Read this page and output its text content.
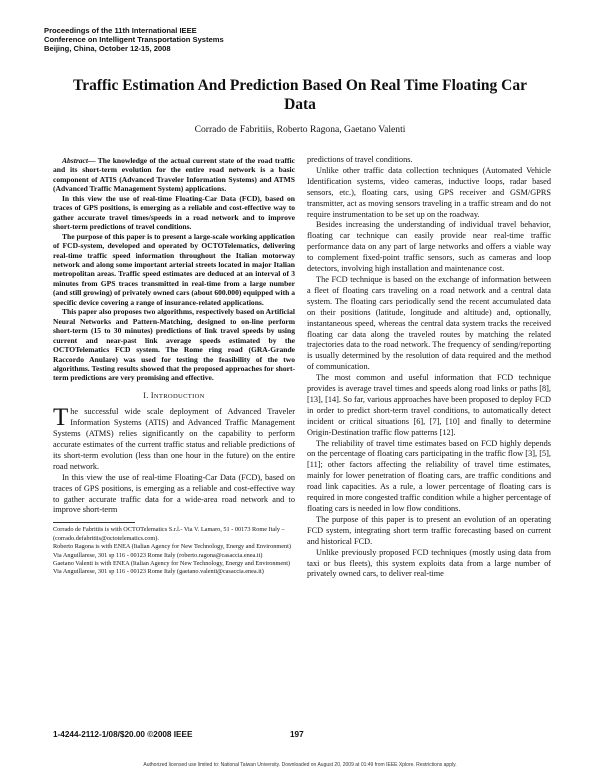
Proceedings of the 11th International IEEE
Conference on Intelligent Transportation Systems
Beijing, China, October 12-15, 2008
Traffic Estimation And Prediction Based On Real Time Floating Car Data
Corrado de Fabritiis, Roberto Ragona, Gaetano Valenti

Abstract— The knowledge of the actual current state of the road traffic and its short-term evolution for the entire road network is a basic component of ATIS (Advanced Traveler Information Systems) and ATMS (Advanced Traffic Management System) applications.

In this view the use of real-time Floating-Car Data (FCD), based on traces of GPS positions, is emerging as a reliable and cost-effective way to gather accurate travel times/speeds in a road network and to improve short-term predictions of travel conditions.

The purpose of this paper is to present a large-scale working application of FCD-system, developed and operated by OCTOTelematics, delivering real-time traffic speed information throughout the Italian motorway network and along some important arterial streets located in major Italian metropolitan areas. Traffic speed estimates are deduced at an interval of 3 minutes from GPS traces transmitted in real-time from a large number (and still growing) of privately owned cars (about 600.000) equipped with a specific device covering a range of insurance-related applications.

This paper also proposes two algorithms, respectively based on Artificial Neural Networks and Pattern-Matching, designed to on-line perform short-term (15 to 30 minutes) predictions of link travel speeds by using current and near-past link average speeds estimated by the OCTOTelematics FCD system. The Rome ring road (GRA-Grande Raccordo Anulare) was used for testing the feasibility of the two algorithms. Testing results showed that the proposed approaches for short-term predictions are very promising and effective.

I. INTRODUCTION

The successful wide scale deployment of Advanced Traveler Information Systems (ATIS) and Advanced Traffic Management Systems (ATMS) relies significantly on the capability to perform accurate estimates of the current traffic status and reliable predictions of its short-term evolution (less than one hour in the future) on the entire road network.

In this view the use of real-time Floating-Car Data (FCD), based on traces of GPS positions, is emerging as a reliable and cost-effective way to gather accurate traffic data for a wide-area road network and to improve short-term

Corrado de Fabritiis is with OCTOTelematics S.r.l.- Via V. Lamaro, 51 - 00173 Rome Italy – (corrado.defabritiis@octotelematics.com).

Roberto Ragona is with ENEA (Italian Agency for New Technology, Energy and Environment) Via Anguillarese, 301 sp 116 - 00123 Rome Italy (roberto.ragona@casaccia.enea.it)

Gaetano Valenti is with ENEA (Italian Agency for New Technology, Energy and Environment) Via Anguillarese, 301 sp 116 - 00123 Rome Italy (gaetano.valenti@casaccia.enea.it)

predictions of travel conditions.

Unlike other traffic data collection techniques (Automated Vehicle Identification systems, video cameras, inductive loops, radar based sensors, etc.), floating cars, using GPS receiver and GSM/GPRS transmitter, act as moving sensors traveling in a traffic stream and do not require instrumentation to be set up on the roadway.

Besides increasing the understanding of individual travel behavior, floating car technique can easily provide near real-time traffic performance data on any part of large networks and offers a viable way to complement fixed-point traffic sensors, such as cameras and loop detectors, involving high installation and maintenance cost.

The FCD technique is based on the exchange of information between a fleet of floating cars traveling on a road network and a central data system. The floating cars periodically send the recent accumulated data on their positions (latitude, longitude and altitude) and, optionally, instantaneous speed, whereas the central data system tracks the received floating car data along the traveled routes by matching the related trajectories data to the road network. The frequency of sending/reporting is usually determined by the resolution of data required and the method of communication.

The most common and useful information that FCD technique provides is average travel times and speeds along road links or paths [8], [13], [14]. So far, various approaches have been proposed to deploy FCD in order to predict short-term travel conditions, to automatically detect incident or critical situations [6], [7], [10] and finally to determine Origin-Destination traffic flow patterns [12].

The reliability of travel time estimates based on FCD highly depends on the percentage of floating cars participating in the traffic flow [3], [5], [11]; other factors affecting the reliability of travel time estimates, mainly for lower penetration of floating cars, are traffic conditions and road link capacities. As a rule, a lower percentage of floating cars is required in more congested traffic condition while a higher percentage of floating cars is needed in low flow conditions.

The purpose of this paper is to present an evolution of an operating FCD system, integrating short term traffic forecasting based on current and historical FCD.

Unlike previously proposed FCD techniques (mostly using data from taxi or bus fleets), this system exploits data from a large number of privately owned cars, to deliver real-time

1-4244-2112-1/08/$20.00 ©2008 IEEE	197
Authorized licensed use limited to: National Taiwan University. Downloaded on August 20, 2009 at 01:49 from IEEE Xplore. Restrictions apply.
